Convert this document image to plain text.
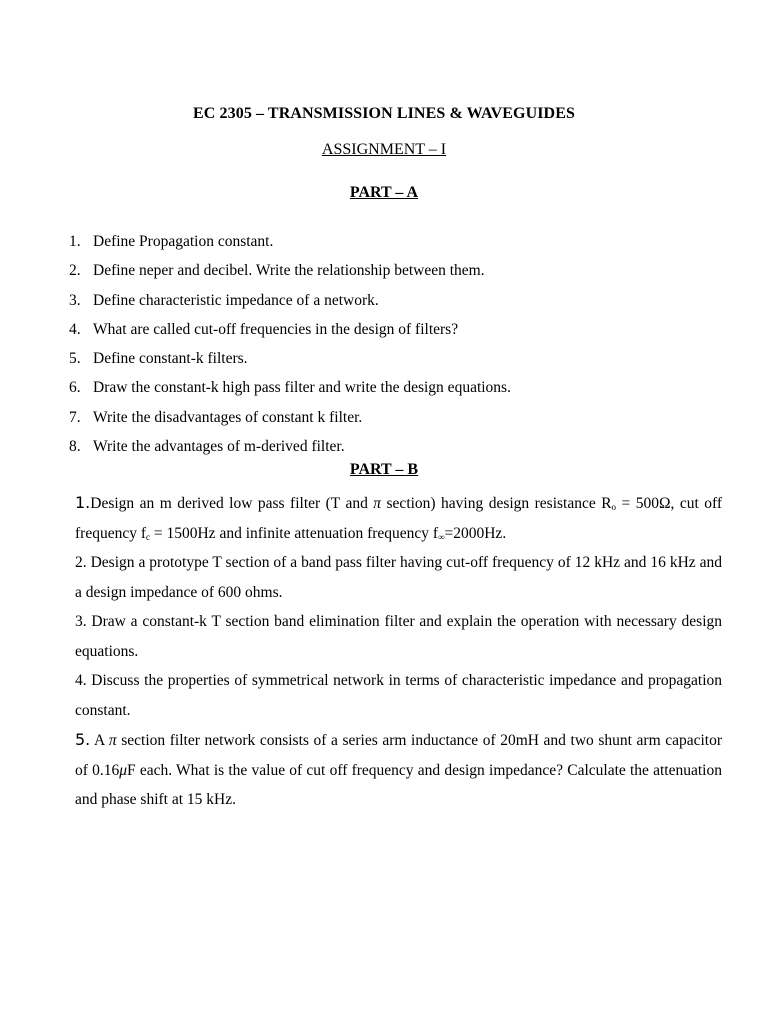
EC 2305 – TRANSMISSION LINES & WAVEGUIDES
ASSIGNMENT – I
PART – A
1. Define Propagation constant.
2. Define neper and decibel. Write the relationship between them.
3. Define characteristic impedance of a network.
4. What are called cut-off frequencies in the design of filters?
5. Define constant-k filters.
6. Draw the constant-k high pass filter and write the design equations.
7. Write the disadvantages of constant k filter.
8. Write the advantages of m-derived filter.
PART – B
1.Design an m derived low pass filter (T and π section) having design resistance $R_o = 500\Omega$, cut off frequency $f_c = 1500Hz$ and infinite attenuation frequency $f_\infty=2000Hz$.
2. Design a prototype T section of a band pass filter having cut-off frequency of 12 kHz and 16 kHz and a design impedance of 600 ohms.
3. Draw a constant-k T section band elimination filter and explain the operation with necessary design equations.
4. Discuss the properties of symmetrical network in terms of characteristic impedance and propagation constant.
5. A π section filter network consists of a series arm inductance of 20mH and two shunt arm capacitor of 0.16μF each. What is the value of cut off frequency and design impedance? Calculate the attenuation and phase shift at 15 kHz.
